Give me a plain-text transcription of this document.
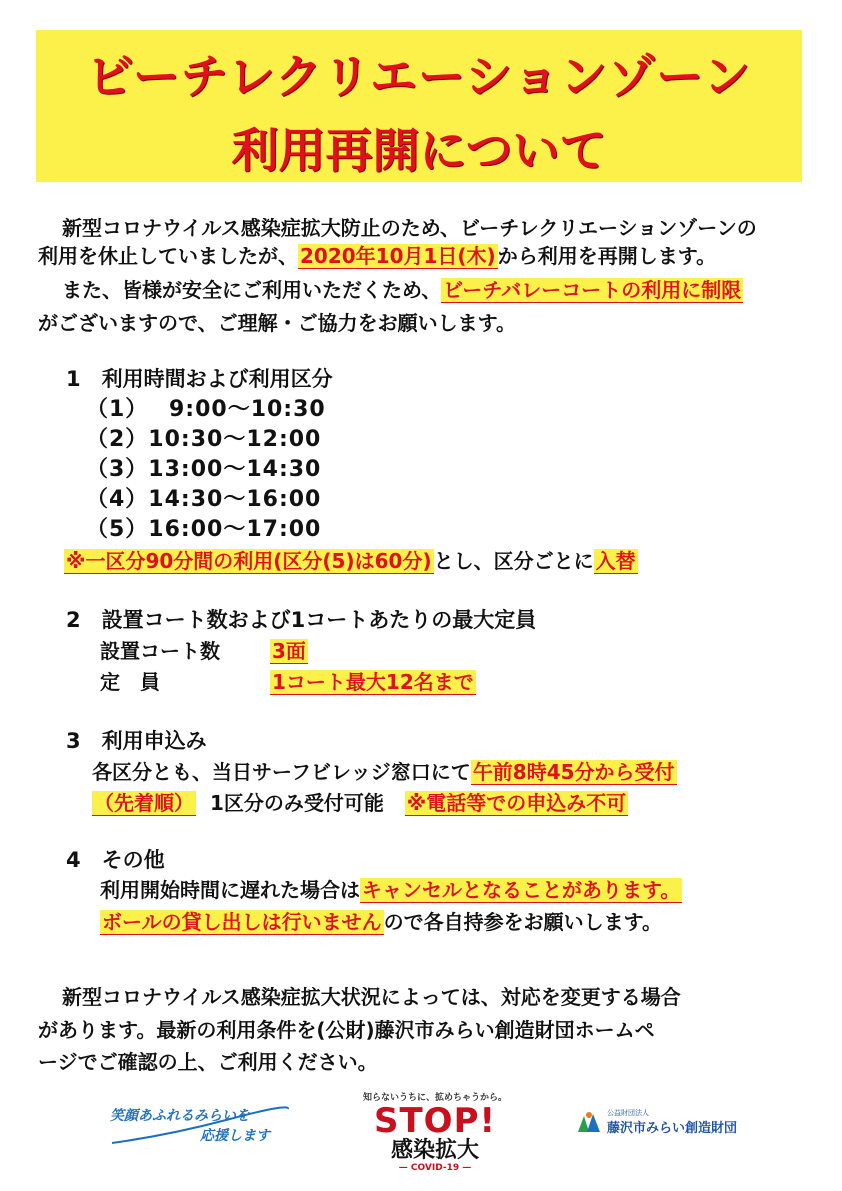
ビーチレクリエーションゾーン
利用再開について
新型コロナウイルス感染症拡大防止のため、ビーチレクリエーションゾーンの
利用を休止していましたが、 2020年10月1日(木) から利用を再開します。
また、皆様が安全にご利用いただくため、 ビーチバレーコートの利用に制限
がございますので、ご理解・ご協力をお願いします。
1　利用時間および利用区分
（1）　 9:00～10:30
（2）10:30～12:00
（3）13:00～14:30
（4）14:30～16:00
（5）16:00～17:00
※一区分90分間の利用(区分(5)は60分) とし、区分ごとに 入替
2　設置コート数および1コートあたりの最大定員
設置コート数	3面
定　員	1コート最大12名まで
3　利用申込み
各区分とも、当日サーフビレッジ窓口にて 午前8時45分から受付
（先着順） 1区分のみ受付可能 ※電話等での申込み不可
4　その他
利用開始時間に遅れた場合は キャンセルとなることがあります。
ボールの貸し出しは行いません ので各自持参をお願いします。
新型コロナウイルス感染症拡大状況によっては、対応を変更する場合
があります。最新の利用条件を(公財)藤沢市みらい創造財団ホームペ
ージでご確認の上、ご利用ください。
笑顔あふれるみらいを
応援します
知らないうちに、拡めちゃうから。
STOP!
感染拡大
— COVID-19 —
公益財団法人
藤沢市みらい創造財団
